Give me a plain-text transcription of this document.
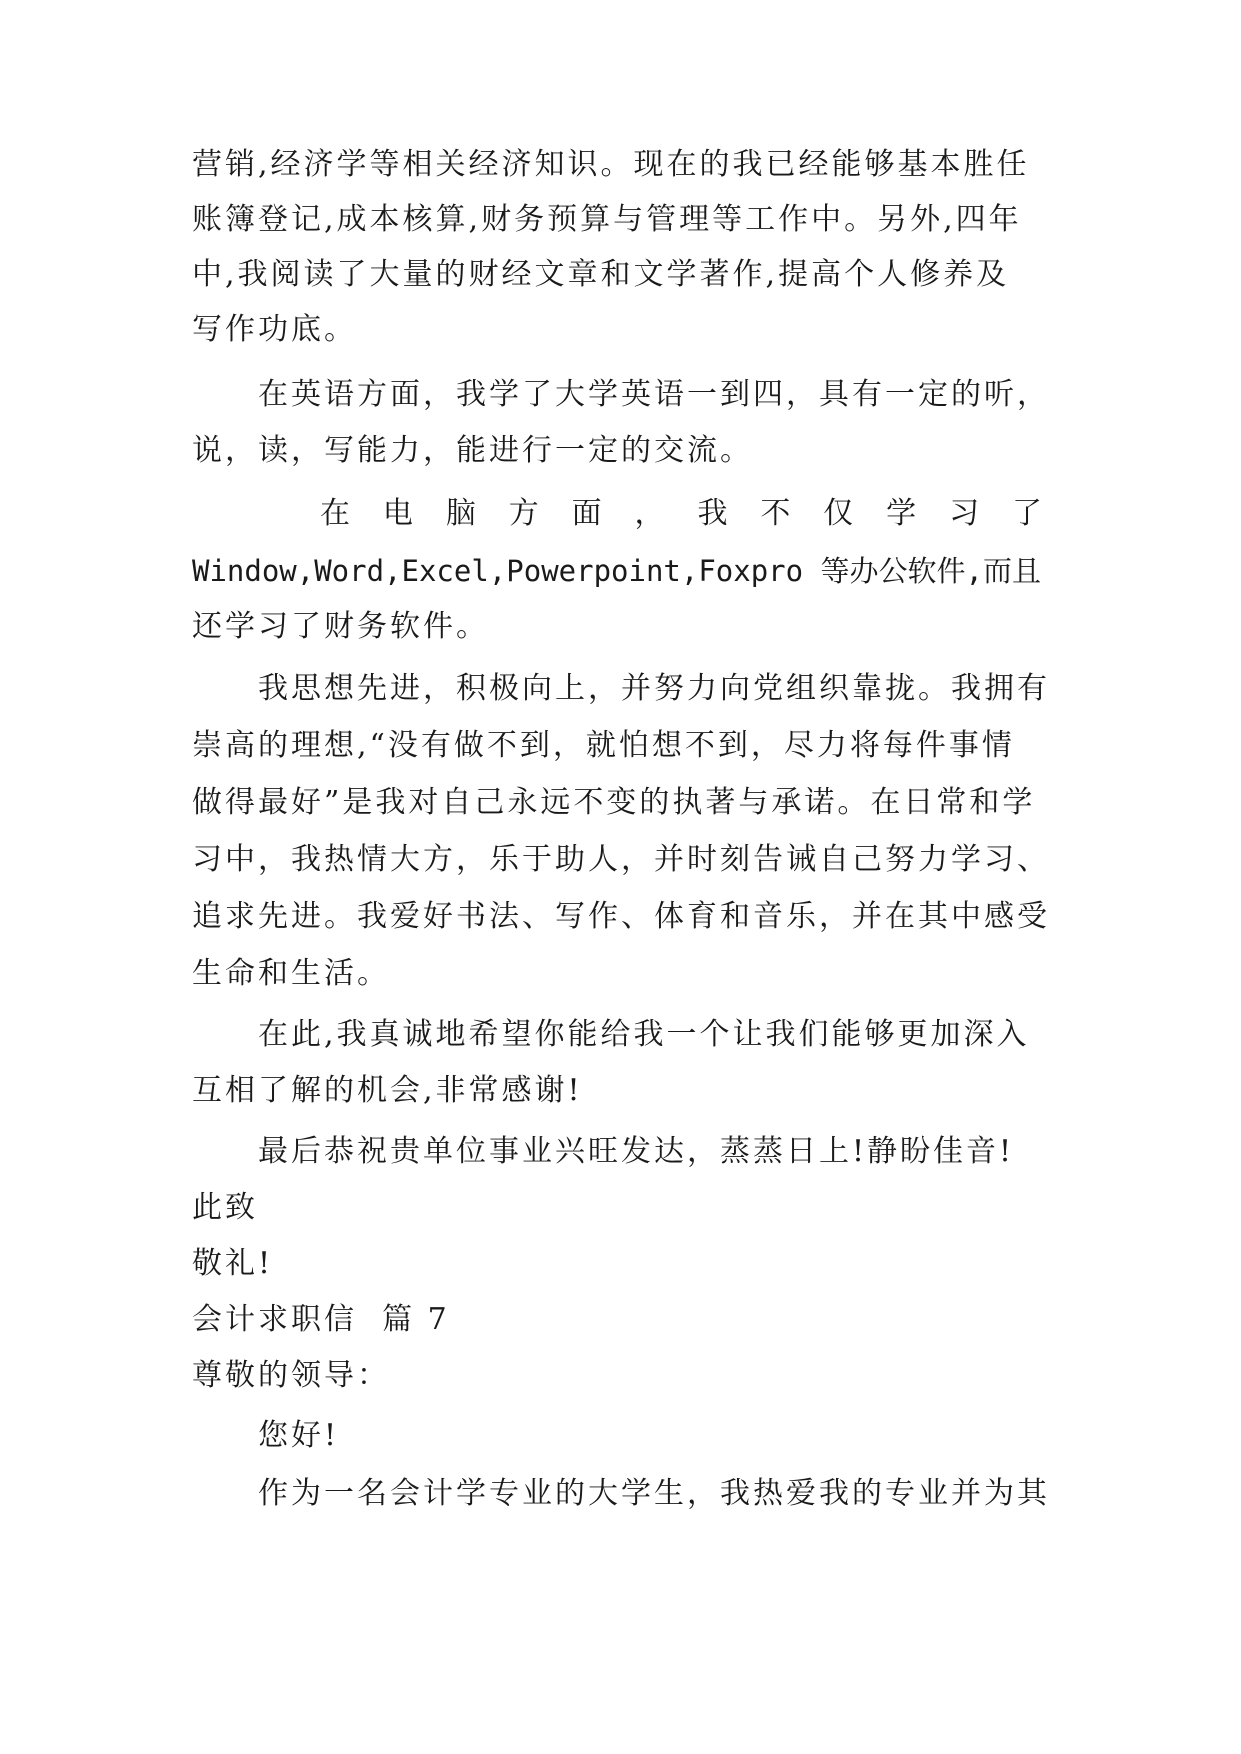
营销,经济学等相关经济知识。现在的我已经能够基本胜任
账簿登记,成本核算,财务预算与管理等工作中。另外,四年
中,我阅读了大量的财经文章和文学著作,提高个人修养及
写作功底。
在英语方面，我学了大学英语一到四，具有一定的听，
说，读，写能力，能进行一定的交流。
在 电 脑 方 面 ， 我 不 仅 学 习 了
Window,Word,Excel,Powerpoint,Foxpro 等办公软件,而且
还学习了财务软件。
我思想先进，积极向上，并努力向党组织靠拢。我拥有
崇高的理想,“没有做不到，就怕想不到，尽力将每件事情
做得最好”是我对自己永远不变的执著与承诺。在日常和学
习中，我热情大方，乐于助人，并时刻告诫自己努力学习、
追求先进。我爱好书法、写作、体育和音乐，并在其中感受
生命和生活。
在此,我真诚地希望你能给我一个让我们能够更加深入
互相了解的机会,非常感谢!
最后恭祝贵单位事业兴旺发达，蒸蒸日上!静盼佳音!
此致
敬礼!
会计求职信  篇 7
尊敬的领导：
您好!
作为一名会计学专业的大学生，我热爱我的专业并为其
